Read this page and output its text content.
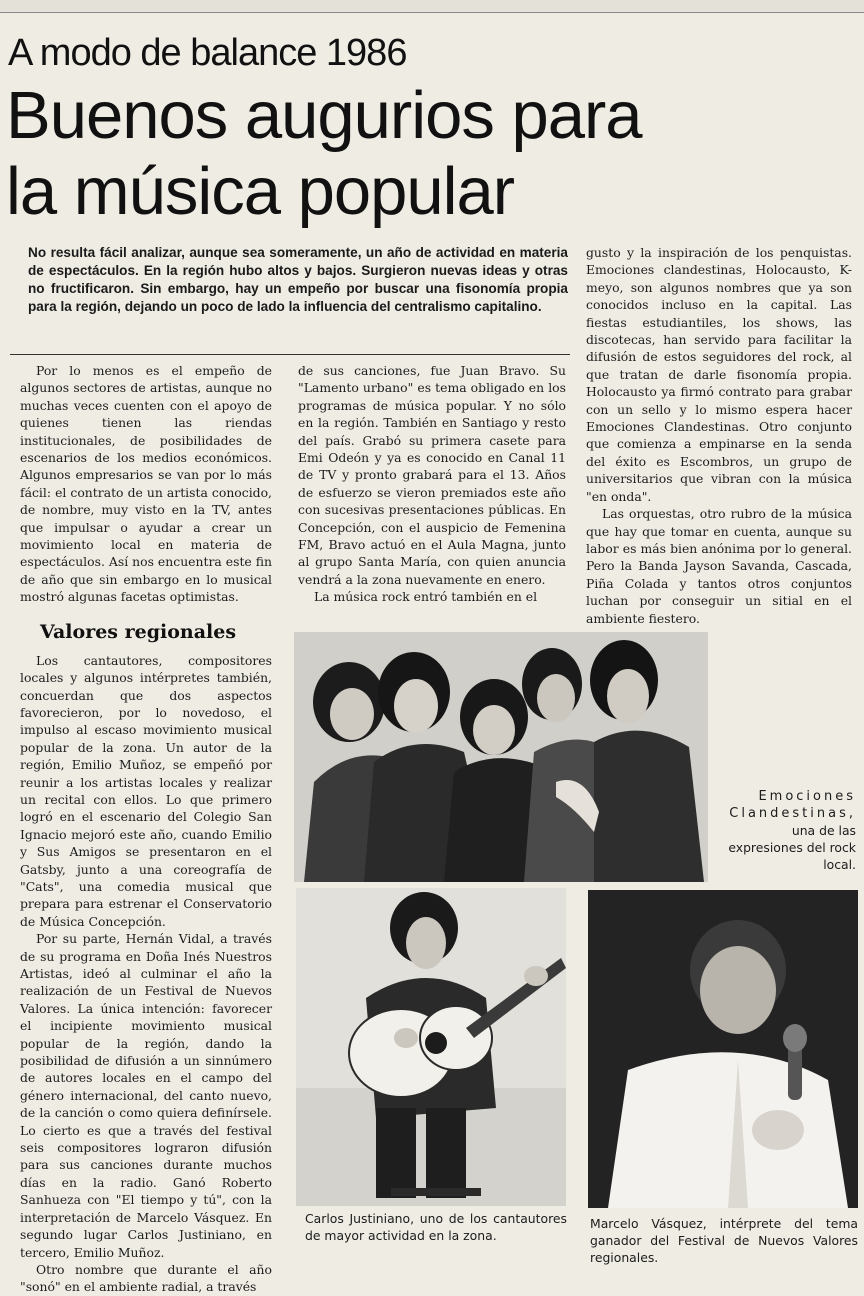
A modo de balance 1986
Buenos augurios para
la música popular
No resulta fácil analizar, aunque sea someramente, un año de actividad en materia de espectáculos. En la región hubo altos y bajos. Surgieron nuevas ideas y otras no fructificaron. Sin embargo, hay un empeño por buscar una fisonomía propia para la región, dejando un poco de lado la influencia del centralismo capitalino.

Por lo menos es el empeño de algunos sectores de artistas, aunque no muchas veces cuenten con el apoyo de quienes tienen las riendas institucionales, de posibilidades de escenarios de los medios económicos. Algunos empresarios se van por lo más fácil: el contrato de un artista conocido, de nombre, muy visto en la TV, antes que impulsar o ayudar a crear un movimiento local en materia de espectáculos. Así nos encuentra este fin de año que sin embargo en lo musical mostró algunas facetas optimistas.

Valores regionales

Los cantautores, compositores locales y algunos intérpretes también, concuerdan que dos aspectos favorecieron, por lo novedoso, el impulso al escaso movimiento musical popular de la zona. Un autor de la región, Emilio Muñoz, se empeñó por reunir a los artistas locales y realizar un recital con ellos. Lo que primero logró en el escenario del Colegio San Ignacio mejoró este año, cuando Emilio y Sus Amigos se presentaron en el Gatsby, junto a una coreografía de "Cats", una comedia musical que prepara para estrenar el Conservatorio de Música Concepción.

Por su parte, Hernán Vidal, a través de su programa en Doña Inés Nuestros Artistas, ideó al culminar el año la realización de un Festival de Nuevos Valores. La única intención: favorecer el incipiente movimiento musical popular de la región, dando la posibilidad de difusión a un sinnúmero de autores locales en el campo del género internacional, del canto nuevo, de la canción o como quiera definírsele. Lo cierto es que a través del festival seis compositores lograron difusión para sus canciones durante muchos días en la radio. Ganó Roberto Sanhueza con "El tiempo y tú", con la interpretación de Marcelo Vásquez. En segundo lugar Carlos Justiniano, en tercero, Emilio Muñoz.

Otro nombre que durante el año "sonó" en el ambiente radial, a través

de sus canciones, fue Juan Bravo. Su "Lamento urbano" es tema obligado en los programas de música popular. Y no sólo en la región. También en Santiago y resto del país. Grabó su primera casete para Emi Odeón y ya es conocido en Canal 11 de TV y pronto grabará para el 13. Años de esfuerzo se vieron premiados este año con sucesivas presentaciones públicas. En Concepción, con el auspicio de Femenina FM, Bravo actuó en el Aula Magna, junto al grupo Santa María, con quien anuncia vendrá a la zona nuevamente en enero.

La música rock entró también en el

gusto y la inspiración de los penquistas. Emociones clandestinas, Holocausto, K-meyo, son algunos nombres que ya son conocidos incluso en la capital. Las fiestas estudiantiles, los shows, las discotecas, han servido para facilitar la difusión de estos seguidores del rock, al que tratan de darle fisonomía propia. Holocausto ya firmó contrato para grabar con un sello y lo mismo espera hacer Emociones Clandestinas. Otro conjunto que comienza a empinarse en la senda del éxito es Escombros, un grupo de universitarios que vibran con la música "en onda".

Las orquestas, otro rubro de la música que hay que tomar en cuenta, aunque su labor es más bien anónima por lo general. Pero la Banda Jayson Savanda, Cascada, Piña Colada y tantos otros conjuntos luchan por conseguir un sitial en el ambiente fiestero.

Emociones Clandestinas,
una de las expresiones del rock local.
Carlos Justiniano, uno de los cantautores de mayor actividad en la zona.
Marcelo Vásquez, intérprete del tema ganador del Festival de Nuevos Valores regionales.
